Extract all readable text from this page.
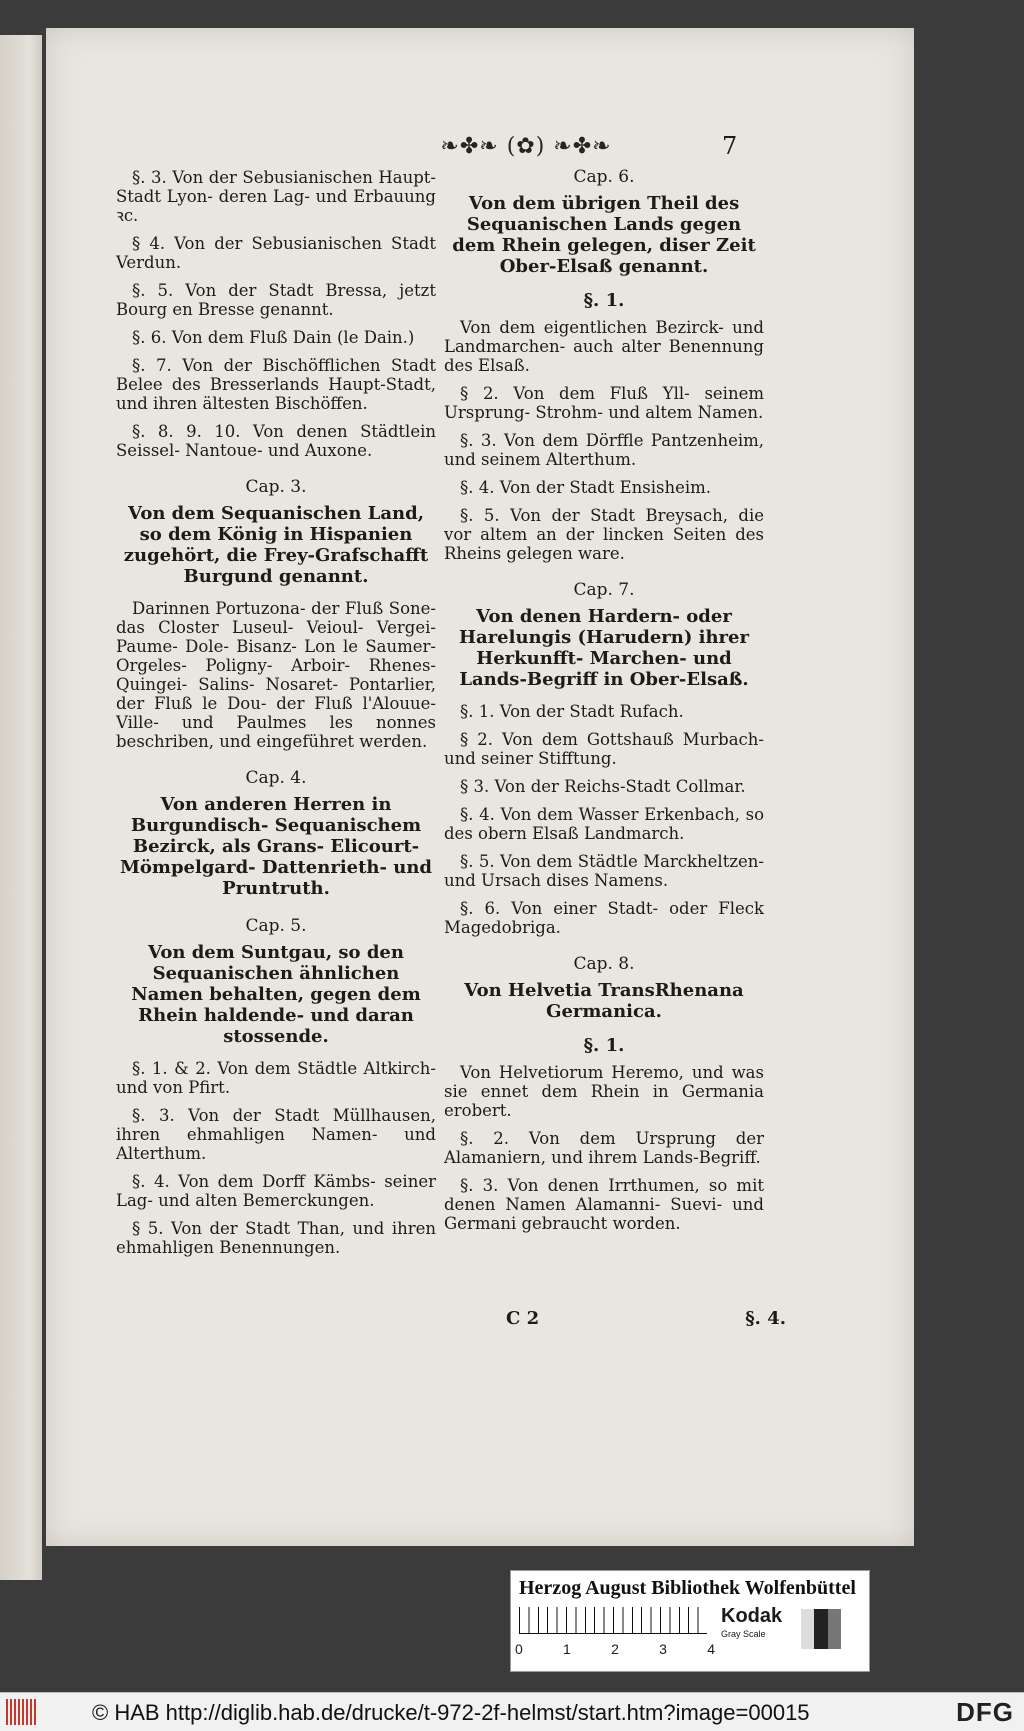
❧✤❧ (✿) ❧✤❧	7
§. 3. Von der Sebusianischen Haupt-Stadt Lyon- deren Lag- und Erbauung ꝛc.
§ 4. Von der Sebusianischen Stadt Verdun.
§. 5. Von der Stadt Bressa, jetzt Bourg en Bresse genannt.
§. 6. Von dem Fluß Dain (le Dain.)
§. 7. Von der Bischöfflichen Stadt Belee des Bresserlands Haupt-Stadt, und ihren ältesten Bischöffen.
§. 8. 9. 10. Von denen Städtlein Seissel- Nantoue- und Auxone.
Cap. 3.
Von dem Sequanischen Land, so dem König in Hispanien zugehört, die Frey-Grafschafft Burgund genannt.
Darinnen Portuzona- der Fluß Sone- das Closter Luseul- Veioul- Vergei- Paume- Dole- Bisanz- Lon le Saumer- Orgeles- Poligny- Arboir- Rhenes- Quingei- Salins- Nosaret- Pontarlier, der Fluß le Dou- der Fluß l'Alouue- Ville- und Paulmes les nonnes beschriben, und eingeführet werden.
Cap. 4.
Von anderen Herren in Burgundisch- Sequanischem Bezirck, als Grans- Elicourt- Mömpelgard- Dattenrieth- und Pruntruth.
Cap. 5.
Von dem Suntgau, so den Sequanischen ähnlichen Namen behalten, gegen dem Rhein haldende- und daran stossende.
§. 1. & 2. Von dem Städtle Altkirch- und von Pfirt.
§. 3. Von der Stadt Müllhausen, ihren ehmahligen Namen- und Alterthum.
§. 4. Von dem Dorff Kämbs- seiner Lag- und alten Bemerckungen.
§ 5. Von der Stadt Than, und ihren ehmahligen Benennungen.
Cap. 6.
Von dem übrigen Theil des Sequanischen Lands gegen dem Rhein gelegen, diser Zeit Ober-Elsaß genannt.
§. 1.
Von dem eigentlichen Bezirck- und Landmarchen- auch alter Benennung des Elsaß.
§ 2. Von dem Fluß Yll- seinem Ursprung- Strohm- und altem Namen.
§. 3. Von dem Dörffle Pantzenheim, und seinem Alterthum.
§. 4. Von der Stadt Ensisheim.
§. 5. Von der Stadt Breysach, die vor altem an der lincken Seiten des Rheins gelegen ware.
Cap. 7.
Von denen Hardern- oder Harelungis (Harudern) ihrer Herkunfft- Marchen- und Lands-Begriff in Ober-Elsaß.
§. 1. Von der Stadt Rufach.
§ 2. Von dem Gottshauß Murbach- und seiner Stifftung.
§ 3. Von der Reichs-Stadt Collmar.
§. 4. Von dem Wasser Erkenbach, so des obern Elsaß Landmarch.
§. 5. Von dem Städtle Marckheltzen- und Ursach dises Namens.
§. 6. Von einer Stadt- oder Fleck Magedobriga.
Cap. 8.
Von Helvetia TransRhenana Germanica.
§. 1.
Von Helvetiorum Heremo, und was sie ennet dem Rhein in Germania erobert.
§. 2. Von dem Ursprung der Alamaniern, und ihrem Lands-Begriff.
§. 3. Von denen Irrthumen, so mit denen Namen Alamanni- Suevi- und Germani gebraucht worden.
C 2	§. 4.
Herzog August Bibliothek Wolfenbüttel
0	1	2	3	4
Kodak
Gray Scale
© HAB http://diglib.hab.de/drucke/t-972-2f-helmst/start.htm?image=00015	DFG
